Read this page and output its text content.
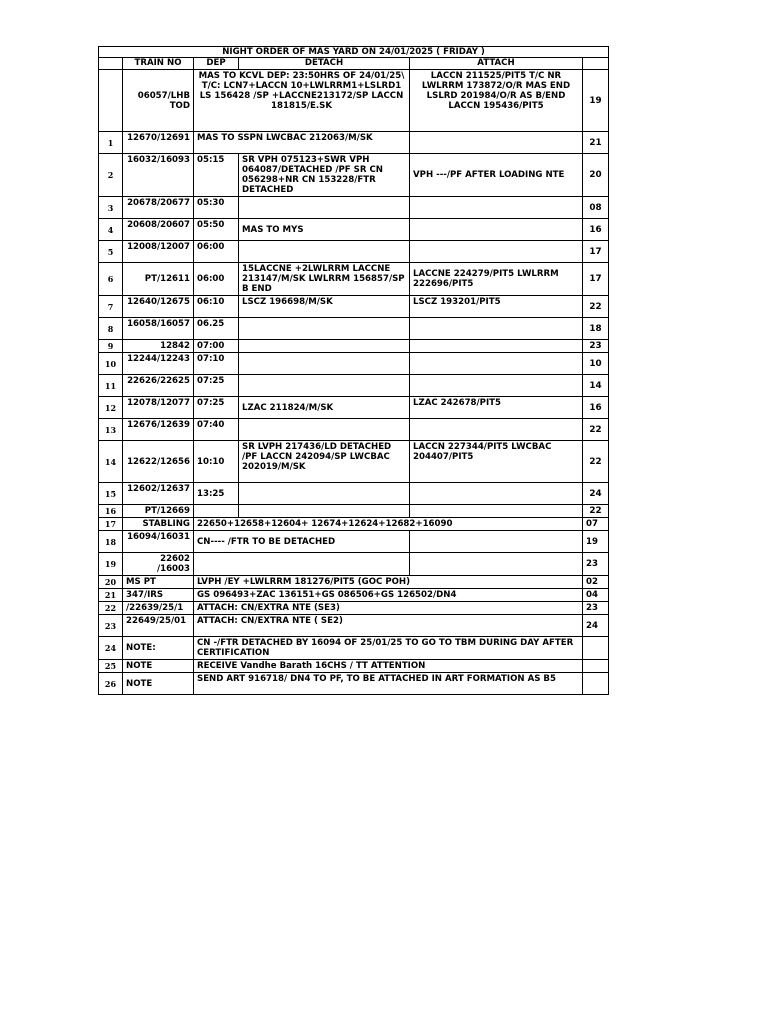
NIGHT ORDER OF MAS YARD ON 24/01/2025 ( FRIDAY )					
	TRAIN NO	DEP	DETACH	ATTACH	
	06057/LHB TOD	MAS TO KCVL DEP: 23:50HRS OF 24/01/25\ T/C: LCN7+LACCN 10+LWLRRM1+LSLRD1 LS 156428 /SP +LACCNE213172/SP LACCN 181815/E.SK		LACCN 211525/PIT5 T/C NR LWLRRM 173872/O/R MAS END LSLRD 201984/O/R AS B/END LACCN 195436/PIT5	19
1	12670/12691	MAS TO SSPN LWCBAC 212063/M/SK			21
2	16032/16093	05:15	SR VPH 075123+SWR VPH 064087/DETACHED /PF SR CN 056298+NR CN 153228/FTR DETACHED	VPH ---/PF AFTER LOADING NTE	20
3	20678/20677	05:30			08
4	20608/20607	05:50	MAS TO MYS		16
5	12008/12007	06:00			17
6	PT/12611	06:00	15LACCNE +2LWLRRM LACCNE 213147/M/SK LWLRRM 156857/SP B END	LACCNE 224279/PIT5 LWLRRM 222696/PIT5	17
7	12640/12675	06:10	LSCZ 196698/M/SK	LSCZ 193201/PIT5	22
8	16058/16057	06.25			18
9	12842	07:00			23
10	12244/12243	07:10			10
11	22626/22625	07:25			14
12	12078/12077	07:25	LZAC 211824/M/SK	LZAC 242678/PIT5	16
13	12676/12639	07:40			22
14	12622/12656	10:10	SR LVPH 217436/LD DETACHED /PF LACCN 242094/SP LWCBAC 202019/M/SK	LACCN 227344/PIT5 LWCBAC 204407/PIT5	22
15	12602/12637	13:25			24
16	PT/12669				22
17	STABLING	22650+12658+12604+ 12674+12624+12682+16090			07
18	16094/16031	CN---- /FTR TO BE DETACHED			19
19	22602 /16003				23
20	MS PT	LVPH /EY +LWLRRM 181276/PIT5 (GOC POH)			02
21	347/IRS	GS 096493+ZAC 136151+GS 086506+GS 126502/DN4			04
22	/22639/25/1	ATTACH: CN/EXTRA NTE (SE3)			23
23	22649/25/01	ATTACH: CN/EXTRA NTE ( SE2)			24
24	NOTE:	CN -/FTR DETACHED BY 16094 OF 25/01/25 TO GO TO TBM DURING DAY AFTER CERTIFICATION			
25	NOTE	RECEIVE Vandhe Barath 16CHS / TT ATTENTION			
26	NOTE	SEND ART 916718/ DN4 TO PF, TO BE ATTACHED IN ART FORMATION AS B5			
